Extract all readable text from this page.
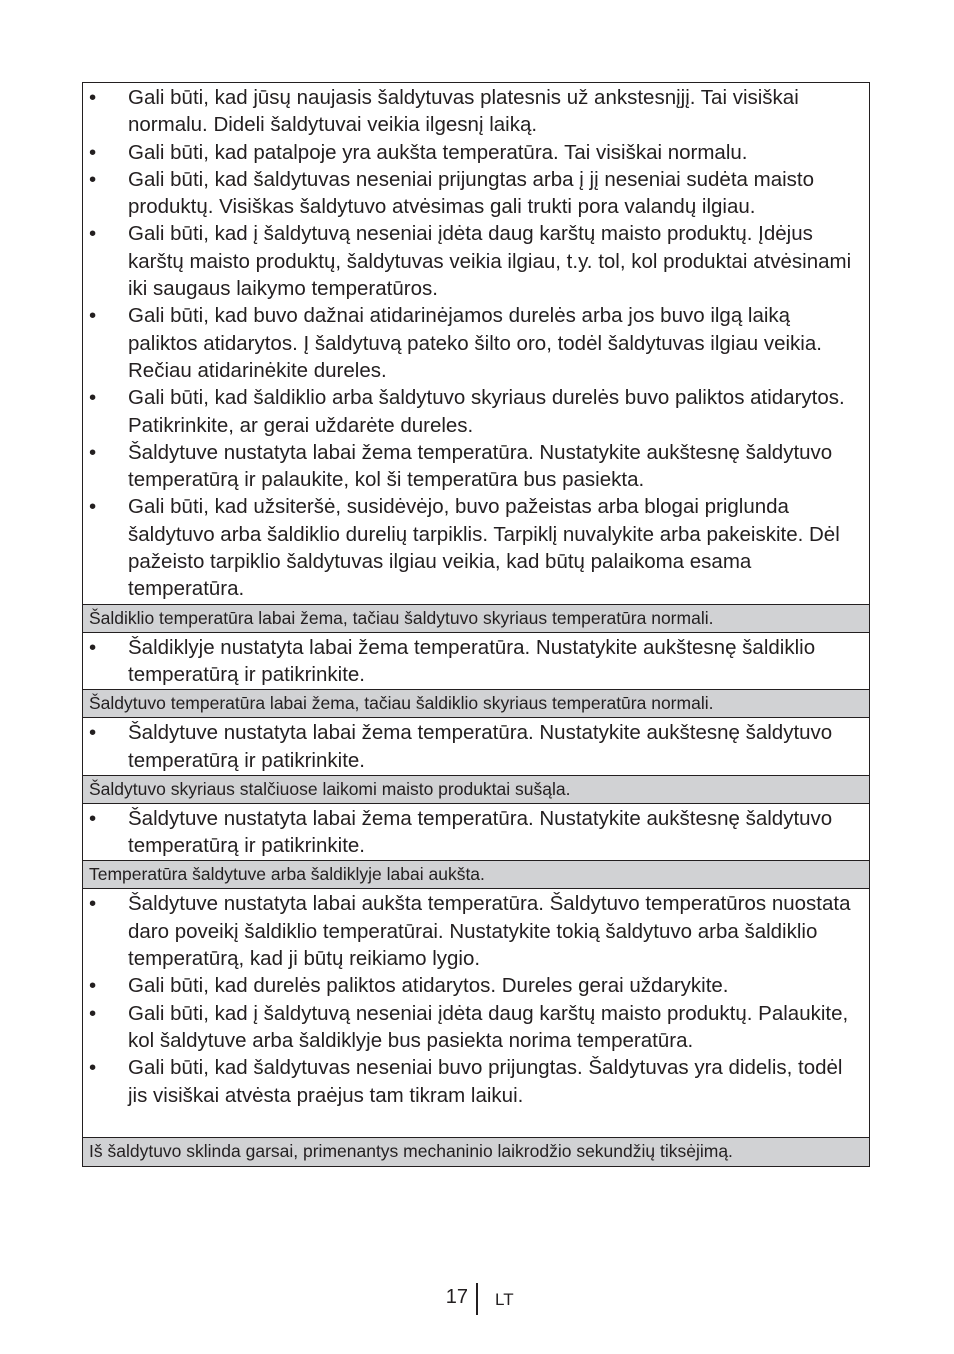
•	Gali būti, kad jūsų naujasis šaldytuvas platesnis už ankstesnįjį. Tai visiškai normalu. Dideli šaldytuvai veikia ilgesnį laiką.
•	Gali būti, kad patalpoje yra aukšta temperatūra. Tai visiškai normalu.
•	Gali būti, kad šaldytuvas neseniai prijungtas arba į jį neseniai sudėta maisto produktų. Visiškas šaldytuvo atvėsimas gali trukti pora valandų ilgiau.
•	Gali būti, kad į šaldytuvą neseniai įdėta daug karštų maisto produktų. Įdėjus karštų maisto produktų, šaldytuvas veikia ilgiau, t.y. tol, kol produktai atvėsinami iki saugaus laikymo temperatūros.
•	Gali būti, kad buvo dažnai atidarinėjamos durelės arba jos buvo ilgą laiką paliktos atidarytos. Į šaldytuvą pateko šilto oro, todėl šaldytuvas ilgiau veikia. Rečiau atidarinėkite dureles.
•	Gali būti, kad šaldiklio arba šaldytuvo skyriaus durelės buvo paliktos atidarytos. Patikrinkite, ar gerai uždarėte dureles.
•	Šaldytuve nustatyta labai žema temperatūra. Nustatykite aukštesnę šaldytuvo temperatūrą ir palaukite, kol ši temperatūra bus pasiekta.
•	Gali būti, kad užsiteršė, susidėvėjo, buvo pažeistas arba blogai priglunda šaldytuvo arba šaldiklio durelių tarpiklis. Tarpiklį nuvalykite arba pakeiskite. Dėl pažeisto tarpiklio šaldytuvas ilgiau veikia, kad būtų palaikoma esama temperatūra.
Šaldiklio temperatūra labai žema, tačiau šaldytuvo skyriaus temperatūra normali.
•	Šaldiklyje nustatyta labai žema temperatūra. Nustatykite aukštesnę šaldiklio temperatūrą ir patikrinkite.
Šaldytuvo temperatūra labai žema, tačiau šaldiklio skyriaus temperatūra normali.
•	Šaldytuve nustatyta labai žema temperatūra. Nustatykite aukštesnę šaldytuvo temperatūrą ir patikrinkite.
Šaldytuvo skyriaus stalčiuose laikomi maisto produktai sušąla.
•	Šaldytuve nustatyta labai žema temperatūra. Nustatykite aukštesnę šaldytuvo temperatūrą ir patikrinkite.
Temperatūra šaldytuve arba šaldiklyje labai aukšta.
•	Šaldytuve nustatyta labai aukšta temperatūra. Šaldytuvo temperatūros nuostata daro poveikį šaldiklio temperatūrai. Nustatykite tokią šaldytuvo arba šaldiklio temperatūrą, kad ji būtų reikiamo lygio.
•	Gali būti, kad durelės paliktos atidarytos. Dureles gerai uždarykite.
•	Gali būti, kad į šaldytuvą neseniai įdėta daug karštų maisto produktų. Palaukite, kol šaldytuve arba šaldiklyje bus pasiekta norima temperatūra.
•	Gali būti, kad šaldytuvas neseniai buvo prijungtas. Šaldytuvas yra didelis, todėl jis visiškai atvėsta praėjus tam tikram laikui.
Iš šaldytuvo sklinda garsai, primenantys mechaninio laikrodžio sekundžių tiksėjimą.
17 LT
